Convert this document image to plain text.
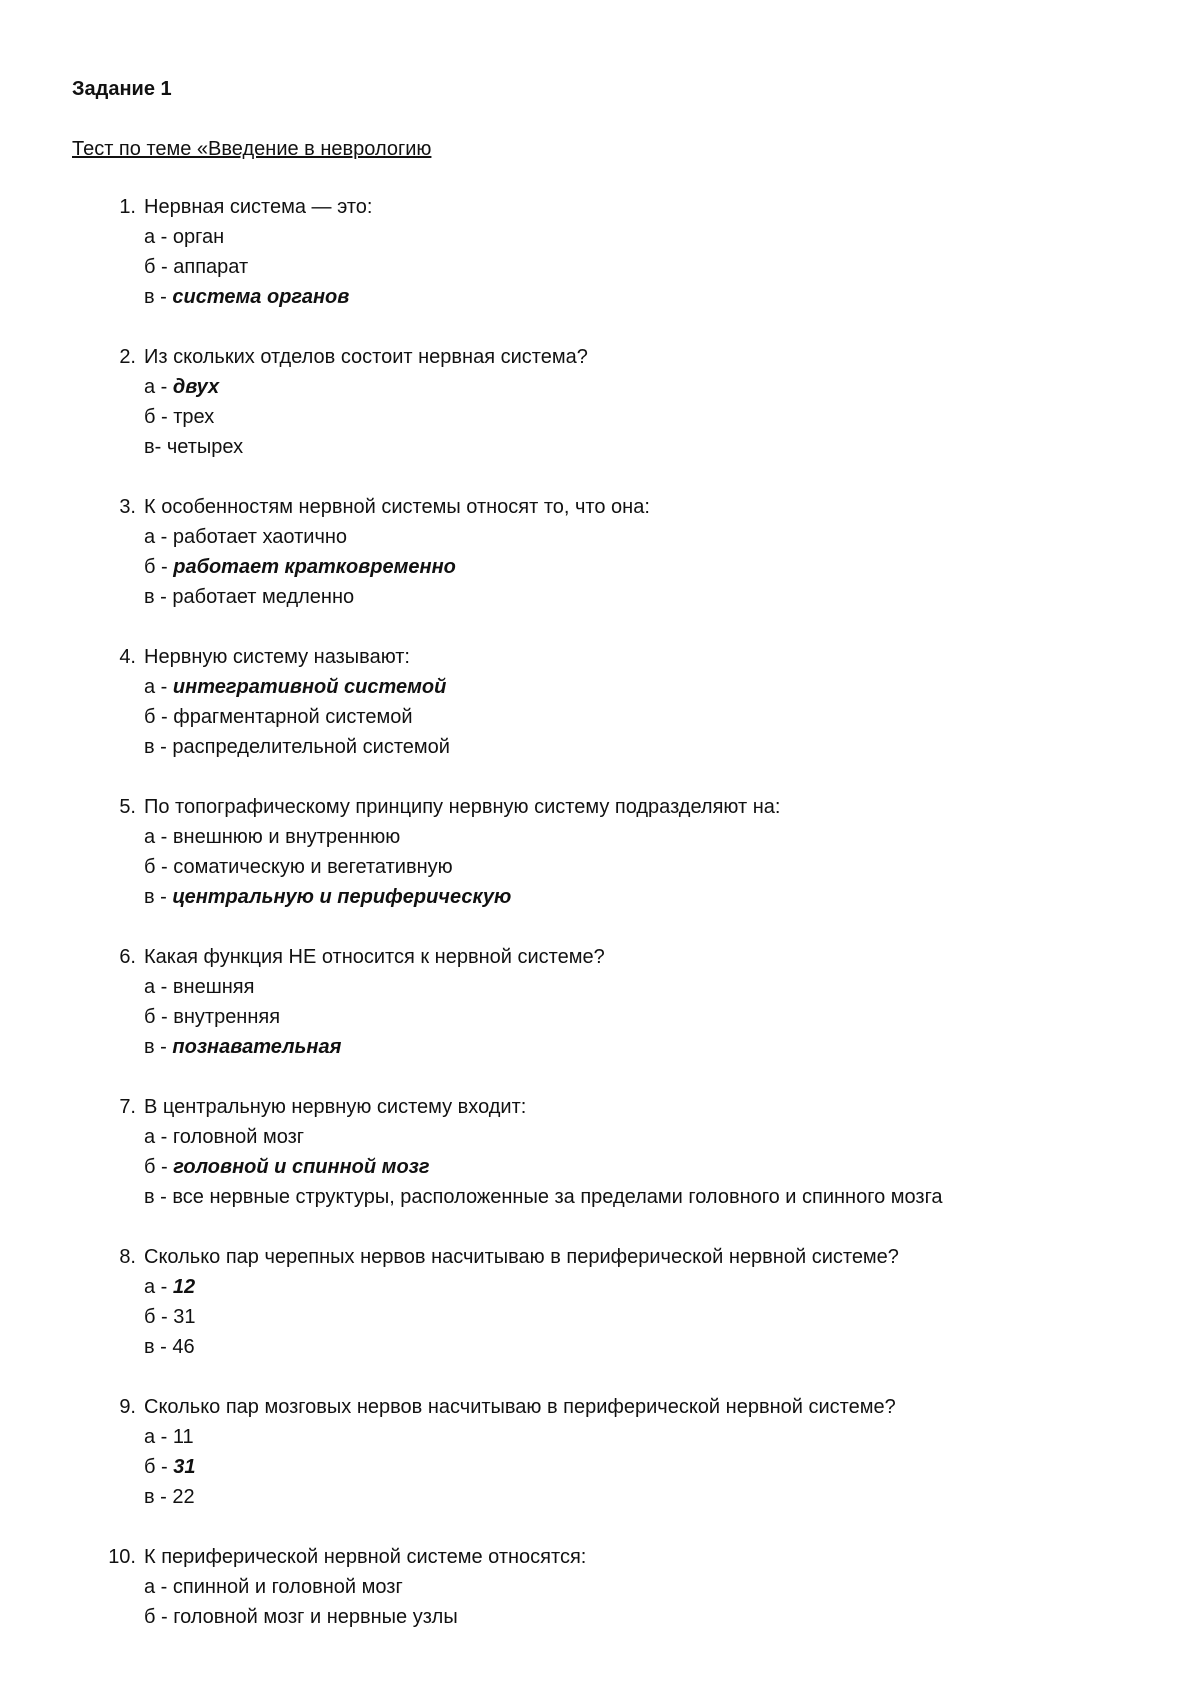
Задание 1
Тест по теме «Введение в неврологию
1. Нервная система — это:
а - орган
б - аппарат
в - система органов
2. Из скольких отделов состоит нервная система?
а - двух
б - трех
в- четырех
3. К особенностям нервной системы относят то, что она:
а - работает хаотично
б - работает кратковременно
в - работает медленно
4. Нервную систему называют:
а - интегративной системой
б - фрагментарной системой
в - распределительной системой
5. По топографическому принципу нервную систему подразделяют на:
а - внешнюю и внутреннюю
б - соматическую и вегетативную
в - центральную и периферическую
6. Какая функция НЕ относится к нервной системе?
а - внешняя
б - внутренняя
в - познавательная
7. В центральную нервную систему входит:
а - головной мозг
б - головной и спинной мозг
в - все нервные структуры, расположенные за пределами головного и спинного мозга
8. Сколько пар черепных нервов насчитываю в периферической нервной системе?
а - 12
б - 31
в - 46
9. Сколько пар мозговых нервов насчитываю в периферической нервной системе?
а - 11
б - 31
в - 22
10. К периферической нервной системе относятся:
а - спинной и головной мозг
б - головной мозг и нервные узлы
